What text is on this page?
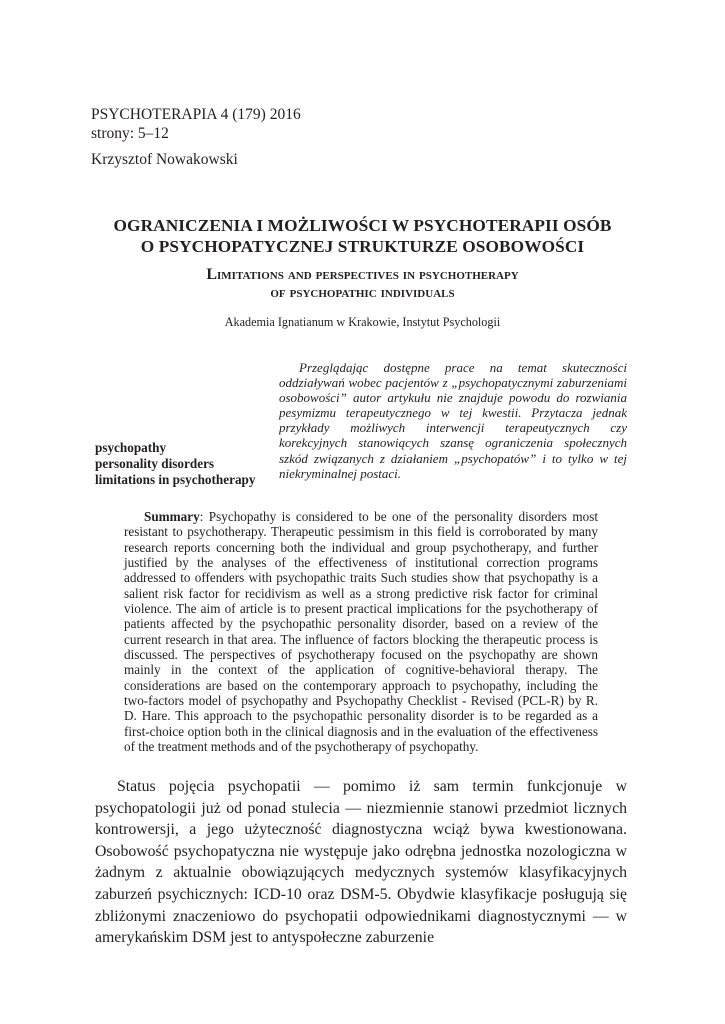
PSYCHOTERAPIA 4 (179) 2016
strony: 5–12
Krzysztof Nowakowski
OGRANICZENIA I MOŻLIWOŚCI W PSYCHOTERAPII OSÓB
O PSYCHOPATYCZNEJ STRUKTURZE OSOBOWOŚCI
Limitations and perspectives in psychotherapy
of psychopathic individuals
Akademia Ignatianum w Krakowie, Instytut Psychologii
Przeglądając dostępne prace na temat skuteczności oddziaływań wobec pacjentów z „psychopatycznymi zaburzeniami osobowości” autor artykułu nie znajduje powodu do rozwiania pesymizmu terapeutycznego w tej kwestii. Przytacza jednak przykłady możliwych interwencji terapeutycznych czy korekcyjnych stanowiących szansę ograniczenia społecznych szkód związanych z działaniem „psychopatów” i to tylko w tej niekryminalnej postaci.
psychopathy
personality disorders
limitations in psychotherapy
Summary: Psychopathy is considered to be one of the personality disorders most resistant to psychotherapy. Therapeutic pessimism in this field is corroborated by many research reports concerning both the individual and group psychotherapy, and further justified by the analyses of the effectiveness of institutional correction programs addressed to offenders with psychopathic traits Such studies show that psychopathy is a salient risk factor for recidivism as well as a strong predictive risk factor for criminal violence. The aim of article is to present practical implications for the psychotherapy of patients affected by the psychopathic personality disorder, based on a review of the current research in that area. The influence of factors blocking the therapeutic process is discussed. The perspectives of psychotherapy focused on the psychopathy are shown mainly in the context of the application of cognitive-behavioral therapy. The considerations are based on the contemporary approach to psychopathy, including the two-factors model of psychopathy and Psychopathy Checklist - Revised (PCL-R) by R. D. Hare. This approach to the psychopathic personality disorder is to be regarded as a first-choice option both in the clinical diagnosis and in the evaluation of the effectiveness of the treatment methods and of the psychotherapy of psychopathy.
Status pojęcia psychopatii — pomimo iż sam termin funkcjonuje w psychopatologii już od ponad stulecia — niezmiennie stanowi przedmiot licznych kontrowersji, a jego użyteczność diagnostyczna wciąż bywa kwestionowana. Osobowość psychopatyczna nie występuje jako odrębna jednostka nozologiczna w żadnym z aktualnie obowiązujących medycznych systemów klasyfikacyjnych zaburzeń psychicznych: ICD-10 oraz DSM-5. Obydwie klasyfikacje posługują się zbliżonymi znaczeniowo do psychopatii odpowiednikami diagnostycznymi — w amerykańskim DSM jest to antyspołeczne zaburzenie
